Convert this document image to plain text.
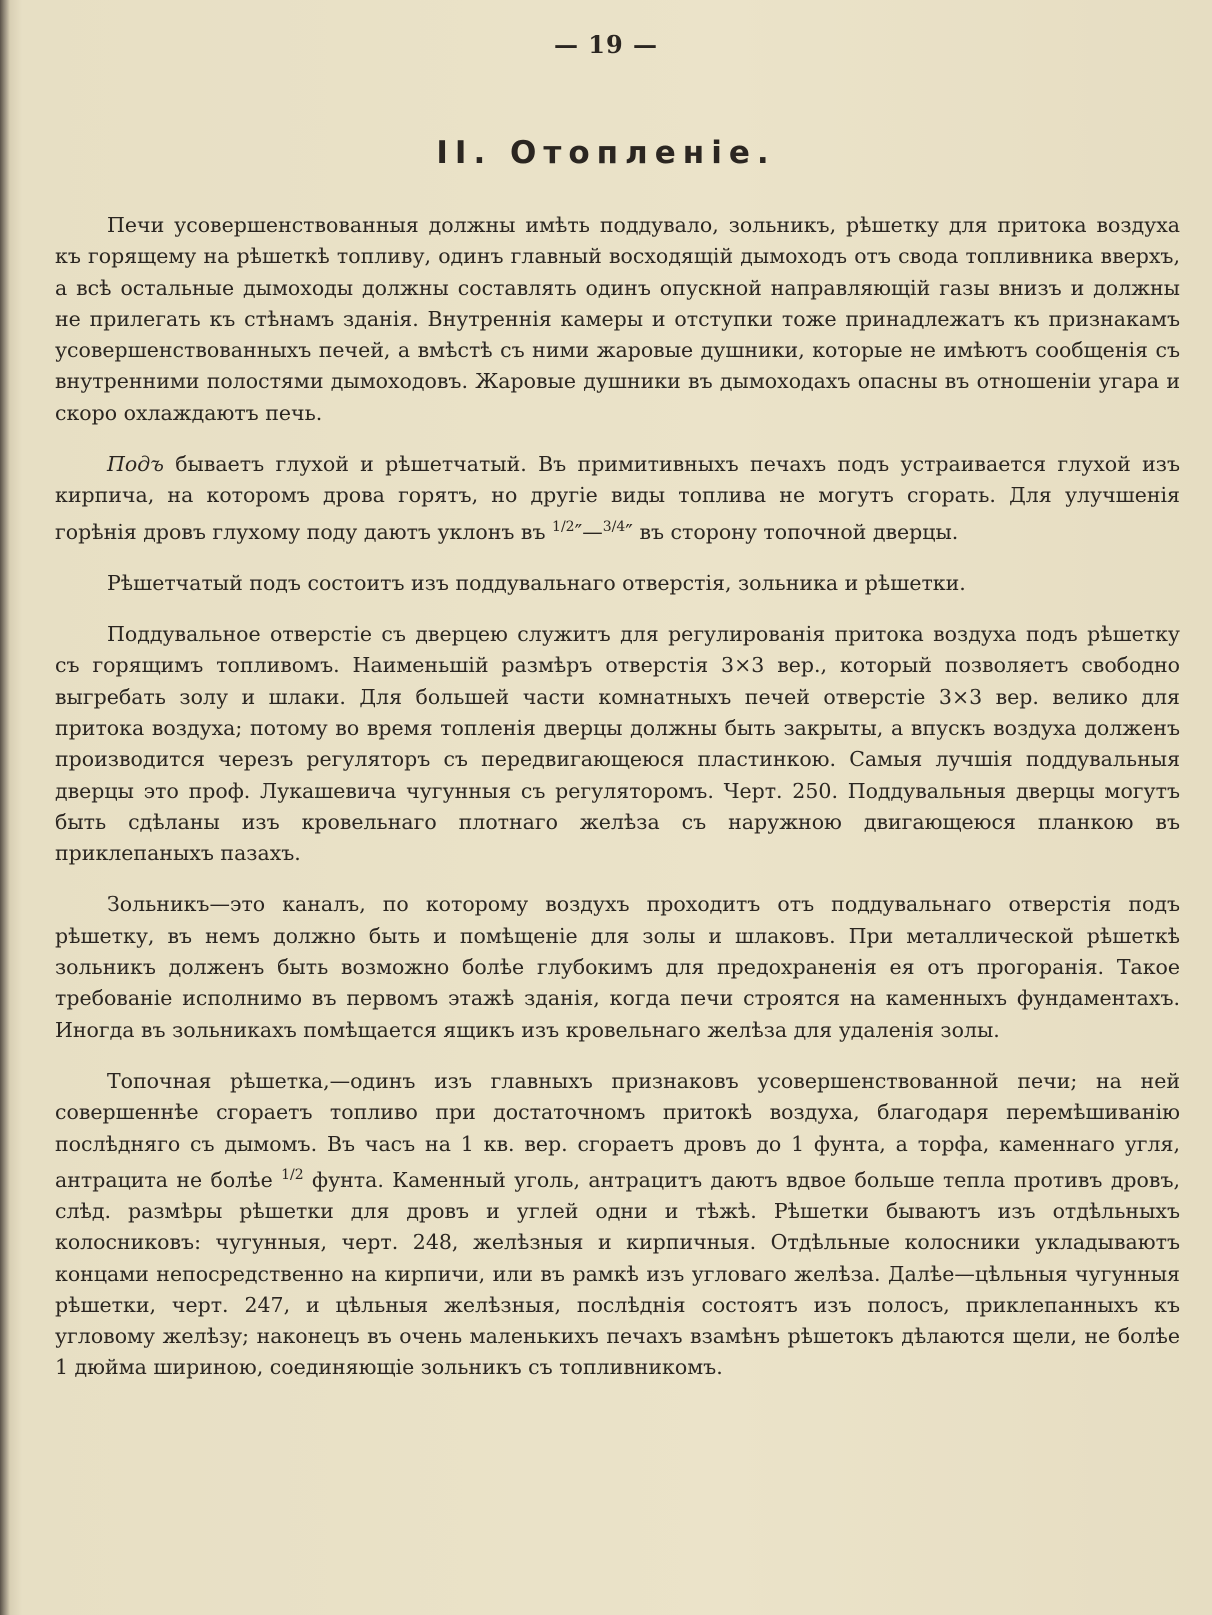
— 19 —
II. Отопленiе.

Печи усовершенствованныя должны имѣть поддувало, зольникъ, рѣшетку для притока воздуха къ горящему на рѣшеткѣ топливу, одинъ главный восходящiй дымоходъ отъ свода топливника вверхъ, а всѣ остальные дымоходы должны составлять одинъ опускной направляющiй газы внизъ и должны не прилегать къ стѣнамъ зданiя. Внутреннiя камеры и отступки тоже принадлежатъ къ признакамъ усовершенствованныхъ печей, а вмѣстѣ съ ними жаровые душники, которые не имѣютъ сообщенiя съ внутренними полостями дымоходовъ. Жаровые душники въ дымоходахъ опасны въ отношенiи угара и скоро охлаждаютъ печь.

Подъ бываетъ глухой и рѣшетчатый. Въ примитивныхъ печахъ подъ устраивается глухой изъ кирпича, на которомъ дрова горятъ, но другiе виды топлива не могутъ сгорать. Для улучшенiя горѣнiя дровъ глухому поду даютъ уклонъ въ $^{1/2}$″—$^{3/4}$″ въ сторону топочной дверцы.

Рѣшетчатый подъ состоитъ изъ поддувальнаго отверстiя, зольника и рѣшетки.

Поддувальное отверстiе съ дверцею служитъ для регулированiя притока воздуха подъ рѣшетку съ горящимъ топливомъ. Наименьшiй размѣръ отверстiя 3×3 вер., который позволяетъ свободно выгребать золу и шлаки. Для большей части комнатныхъ печей отверстiе 3×3 вер. велико для притока воздуха; потому во время топленiя дверцы должны быть закрыты, а впускъ воздуха долженъ производится черезъ регуляторъ съ передвигающеюся пластинкою. Самыя лучшiя поддувальныя дверцы это проф. Лукашевича чугунныя съ регуляторомъ. Черт. 250. Поддувальныя дверцы могутъ быть сдѣланы изъ кровельнаго плотнаго желѣза съ наружною двигающеюся планкою въ приклепаныхъ пазахъ.

Зольникъ—это каналъ, по которому воздухъ проходитъ отъ поддувальнаго отверстiя подъ рѣшетку, въ немъ должно быть и помѣщенiе для золы и шлаковъ. При металлической рѣшеткѣ зольникъ долженъ быть возможно болѣе глубокимъ для предохраненiя ея отъ прогоранiя. Такое требованiе исполнимо въ первомъ этажѣ зданiя, когда печи строятся на каменныхъ фундаментахъ. Иногда въ зольникахъ помѣщается ящикъ изъ кровельнаго желѣза для удаленiя золы.

Топочная рѣшетка,—одинъ изъ главныхъ признаковъ усовершенствованной печи; на ней совершеннѣе сгораетъ топливо при достаточномъ притокѣ воздуха, благодаря перемѣшиванiю послѣдняго съ дымомъ. Въ часъ на 1 кв. вер. сгораетъ дровъ до 1 фунта, а торфа, каменнаго угля, антрацита не болѣе $^{1/2}$ фунта. Каменный уголь, антрацитъ даютъ вдвое больше тепла противъ дровъ, слѣд. размѣры рѣшетки для дровъ и углей одни и тѣжѣ. Рѣшетки бываютъ изъ отдѣльныхъ колосниковъ: чугунныя, черт. 248, желѣзныя и кирпичныя. Отдѣльные колосники укладываютъ концами непосредственно на кирпичи, или въ рамкѣ изъ угловаго желѣза. Далѣе—цѣльныя чугунныя рѣшетки, черт. 247, и цѣльныя желѣзныя, послѣднiя состоятъ изъ полосъ, приклепанныхъ къ угловому желѣзу; наконецъ въ очень маленькихъ печахъ взамѣнъ рѣшетокъ дѣлаются щели, не болѣе 1 дюйма шириною, соединяющiе зольникъ съ топливникомъ.
